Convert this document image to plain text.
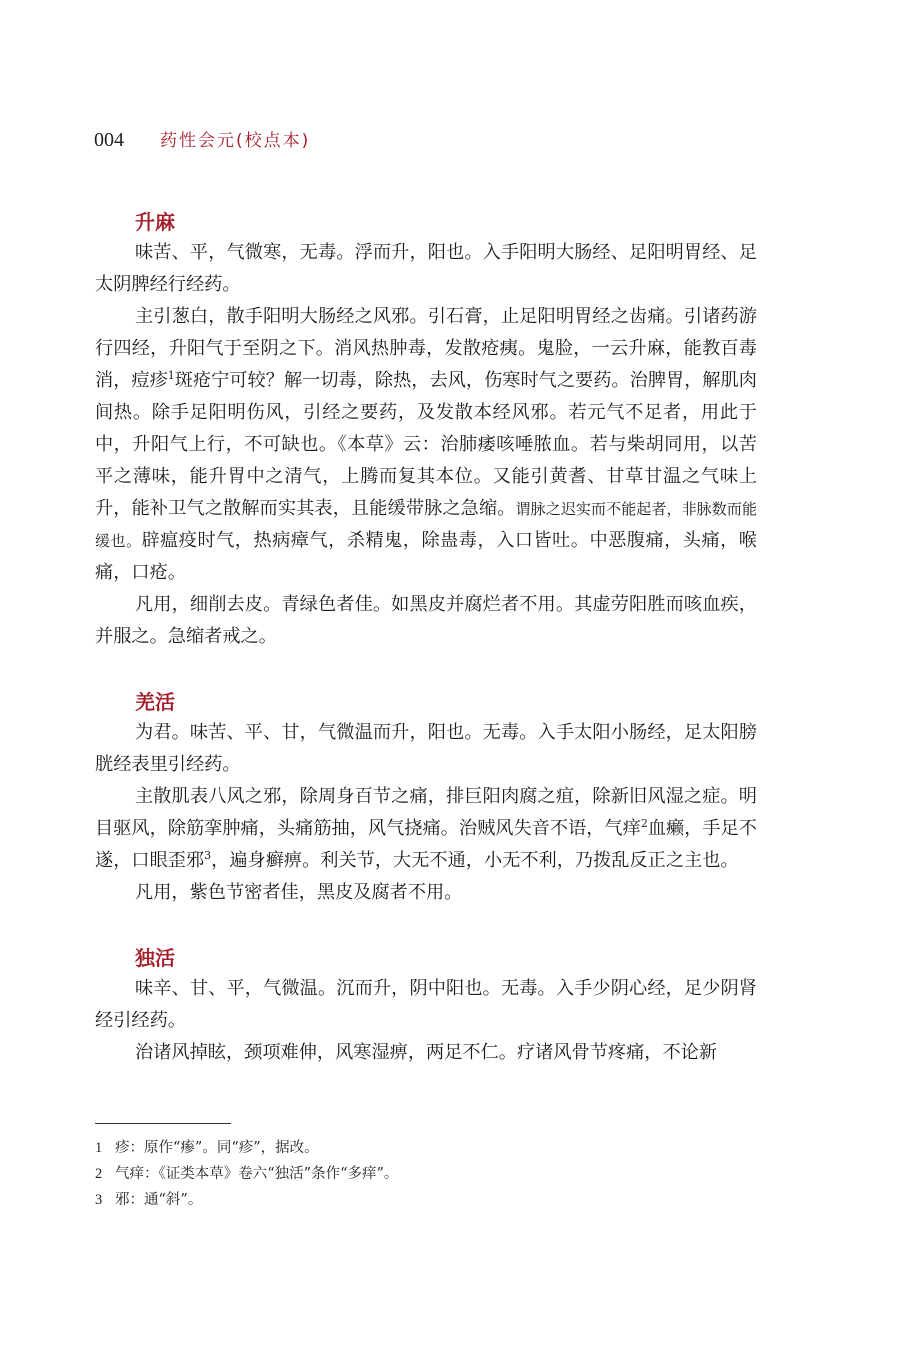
004 药性会元(校点本)
升麻

味苦、平，气微寒，无毒。浮而升，阳也。入手阳明大肠经、足阳明胃经、足太阴脾经行经药。

主引葱白，散手阳明大肠经之风邪。引石膏，止足阳明胃经之齿痛。引诸药游行四经，升阳气于至阴之下。消风热肿毒，发散疮痍。鬼脸，一云升麻，能教百毒消，痘疹$^1$斑疮宁可较？解一切毒，除热，去风，伤寒时气之要药。治脾胃，解肌肉间热。除手足阳明伤风，引经之要药，及发散本经风邪。若元气不足者，用此于中，升阳气上行，不可缺也。《本草》云：治肺痿咳唾脓血。若与柴胡同用，以苦平之薄味，能升胃中之清气，上腾而复其本位。又能引黄耆、甘草甘温之气味上升，能补卫气之散解而实其表，且能缓带脉之急缩。谓脉之迟实而不能起者，非脉数而能缓也。辟瘟疫时气，热病瘴气，杀精鬼，除蛊毒，入口皆吐。中恶腹痛，头痛，喉痛，口疮。

凡用，细削去皮。青绿色者佳。如黑皮并腐烂者不用。其虚劳阳胜而咳血疾，并服之。急缩者戒之。

羌活

为君。味苦、平、甘，气微温而升，阳也。无毒。入手太阳小肠经，足太阳膀胱经表里引经药。

主散肌表八风之邪，除周身百节之痛，排巨阳肉腐之疽，除新旧风湿之症。明目驱风，除筋挛肿痛，头痛筋抽，风气挠痛。治贼风失音不语，气痒$^2$血癞，手足不遂，口眼歪邪$^3$，遍身癣痹。利关节，大无不通，小无不利，乃拨乱反正之主也。

凡用，紫色节密者佳，黑皮及腐者不用。

独活

味辛、甘、平，气微温。沉而升，阴中阳也。无毒。入手少阴心经，足少阴肾经引经药。

治诸风掉眩，颈项难伸，风寒湿痹，两足不仁。疗诸风骨节疼痛，不论新

1 疹：原作“瘆”。同“疹”，据改。

2 气痒：《证类本草》卷六“独活”条作“多痒”。

3 邪：通“斜”。
